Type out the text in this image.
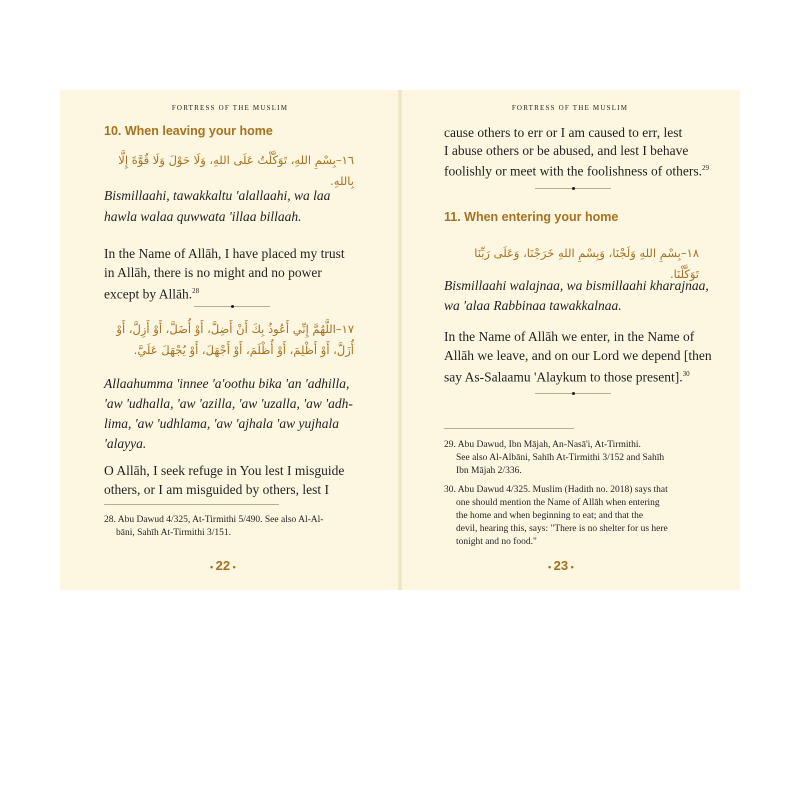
FORTRESS OF THE MUSLIM
10. When leaving your home
١٦–بِسْمِ اللهِ، تَوَكَّلْتُ عَلَى اللهِ، وَلَا حَوْلَ وَلَا قُوَّةَ إِلَّا بِاللهِ.
Bismillaahi, tawakkaltu 'alallaahi, wa laa
hawla walaa quwwata 'illaa billaah.
In the Name of Allāh, I have placed my trust
in Allāh, there is no might and no power
except by Allāh.$^{28}$
١٧–اللَّهُمَّ إِنِّي أَعُوذُ بِكَ أَنْ أَضِلَّ، أَوْ أُضَلَّ، أَوْ أَزِلَّ، أَوْ
أُزَلَّ، أَوْ أَظْلِمَ، أَوْ أُظْلَمَ، أَوْ أَجْهَلَ، أَوْ يُجْهَلَ عَلَيَّ.
Allaahumma 'innee 'a'oothu bika 'an 'adhilla,
'aw 'udhalla, 'aw 'azilla, 'aw 'uzalla, 'aw 'adh-
lima, 'aw 'udhlama, 'aw 'ajhala 'aw yujhala
'alayya.
O Allāh, I seek refuge in You lest I misguide
others, or I am misguided by others, lest I
28. Abu Dawud 4/325, At-Tirmithi 5/490. See also Al-Al-
bāni, Sahīh At-Tirmithi 3/151.
• 22 •
FORTRESS OF THE MUSLIM
cause others to err or I am caused to err, lest
I abuse others or be abused, and lest I behave
foolishly or meet with the foolishness of others.$^{29}$
11. When entering your home
١٨–بِسْمِ اللهِ وَلَجْنَا، وَبِسْمِ اللهِ خَرَجْنَا، وَعَلَى رَبِّنَا تَوَكَّلْنَا.
Bismillaahi walajnaa, wa bismillaahi kharajnaa,
wa 'alaa Rabbinaa tawakkalnaa.
In the Name of Allāh we enter, in the Name of
Allāh we leave, and on our Lord we depend [then
say As-Salaamu 'Alaykum to those present].$^{30}$
29. Abu Dawud, Ibn Mājah, An-Nasā'i, At-Tirmithi.
See also Al-Albāni, Sahīh At-Tirmithi 3/152 and Sahīh
Ibn Mājah 2/336.
30. Abu Dawud 4/325. Muslim (Hadith no. 2018) says that
one should mention the Name of Allāh when entering
the home and when beginning to eat; and that the
devil, hearing this, says: "There is no shelter for us here
tonight and no food."
• 23 •
